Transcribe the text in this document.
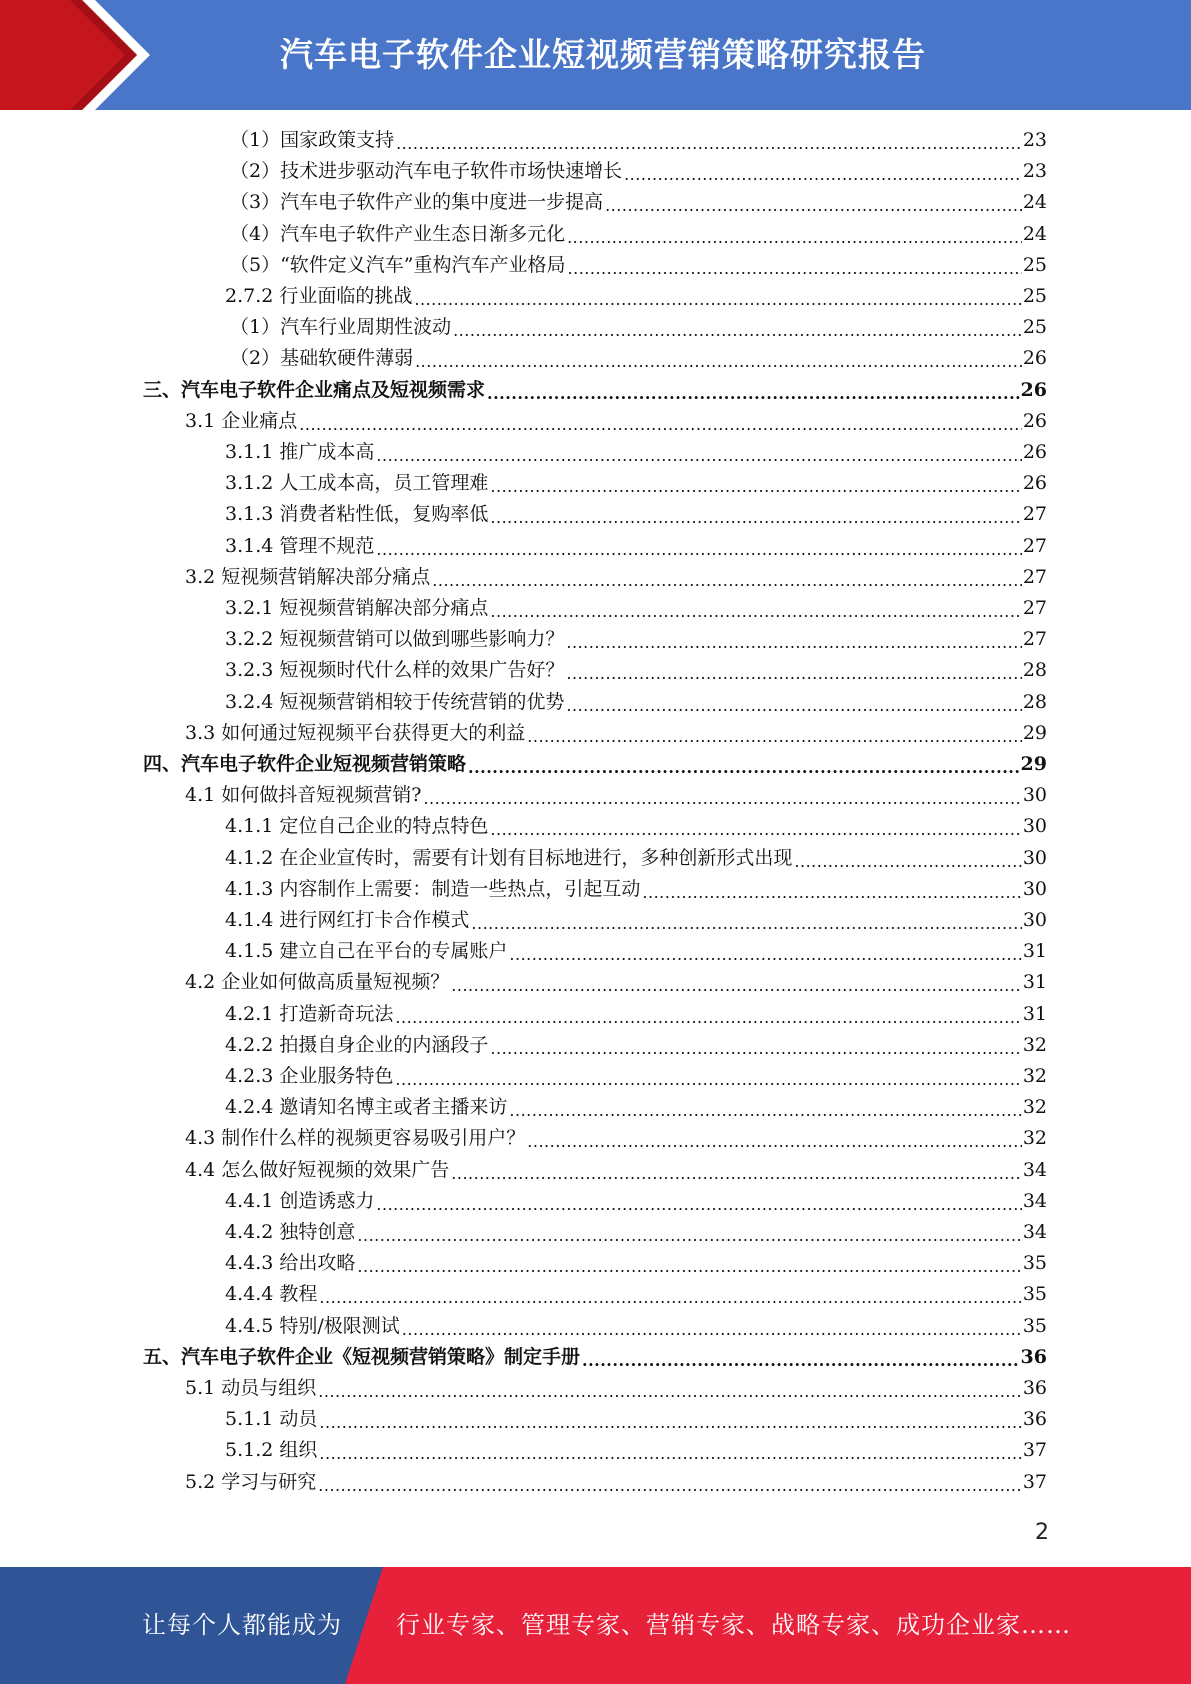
汽车电子软件企业短视频营销策略研究报告
（1）国家政策支持 .....	23
（2）技术进步驱动汽车电子软件市场快速增长 .....	23
（3）汽车电子软件产业的集中度进一步提高 .....	24
（4）汽车电子软件产业生态日渐多元化 .....	24
（5）“软件定义汽车”重构汽车产业格局 .....	25
2.7.2 行业面临的挑战 .....	25
（1）汽车行业周期性波动 .....	25
（2）基础软硬件薄弱 .....	26
三、汽车电子软件企业痛点及短视频需求 .....	26
3.1 企业痛点 .....	26
3.1.1 推广成本高 .....	26
3.1.2 人工成本高，员工管理难 .....	26
3.1.3 消费者粘性低，复购率低 .....	27
3.1.4 管理不规范 .....	27
3.2 短视频营销解决部分痛点 .....	27
3.2.1 短视频营销解决部分痛点 .....	27
3.2.2 短视频营销可以做到哪些影响力？ .....	27
3.2.3 短视频时代什么样的效果广告好？ .....	28
3.2.4 短视频营销相较于传统营销的优势 .....	28
3.3 如何通过短视频平台获得更大的利益 .....	29
四、汽车电子软件企业短视频营销策略 .....	29
4.1 如何做抖音短视频营销? .....	30
4.1.1 定位自己企业的特点特色 .....	30
4.1.2 在企业宣传时，需要有计划有目标地进行，多种创新形式出现 .....	30
4.1.3 内容制作上需要：制造一些热点，引起互动 .....	30
4.1.4 进行网红打卡合作模式 .....	30
4.1.5 建立自己在平台的专属账户 .....	31
4.2 企业如何做高质量短视频？ .....	31
4.2.1 打造新奇玩法 .....	31
4.2.2 拍摄自身企业的内涵段子 .....	32
4.2.3 企业服务特色 .....	32
4.2.4 邀请知名博主或者主播来访 .....	32
4.3 制作什么样的视频更容易吸引用户？ .....	32
4.4 怎么做好短视频的效果广告 .....	34
4.4.1 创造诱惑力 .....	34
4.4.2 独特创意 .....	34
4.4.3 给出攻略 .....	35
4.4.4 教程 .....	35
4.4.5 特别/极限测试 .....	35
五、汽车电子软件企业《短视频营销策略》制定手册 .....	36
5.1 动员与组织 .....	36
5.1.1 动员 .....	36
5.1.2 组织 .....	37
5.2 学习与研究 .....	37
2
让每个人都能成为 行业专家、管理专家、营销专家、战略专家、成功企业家……
